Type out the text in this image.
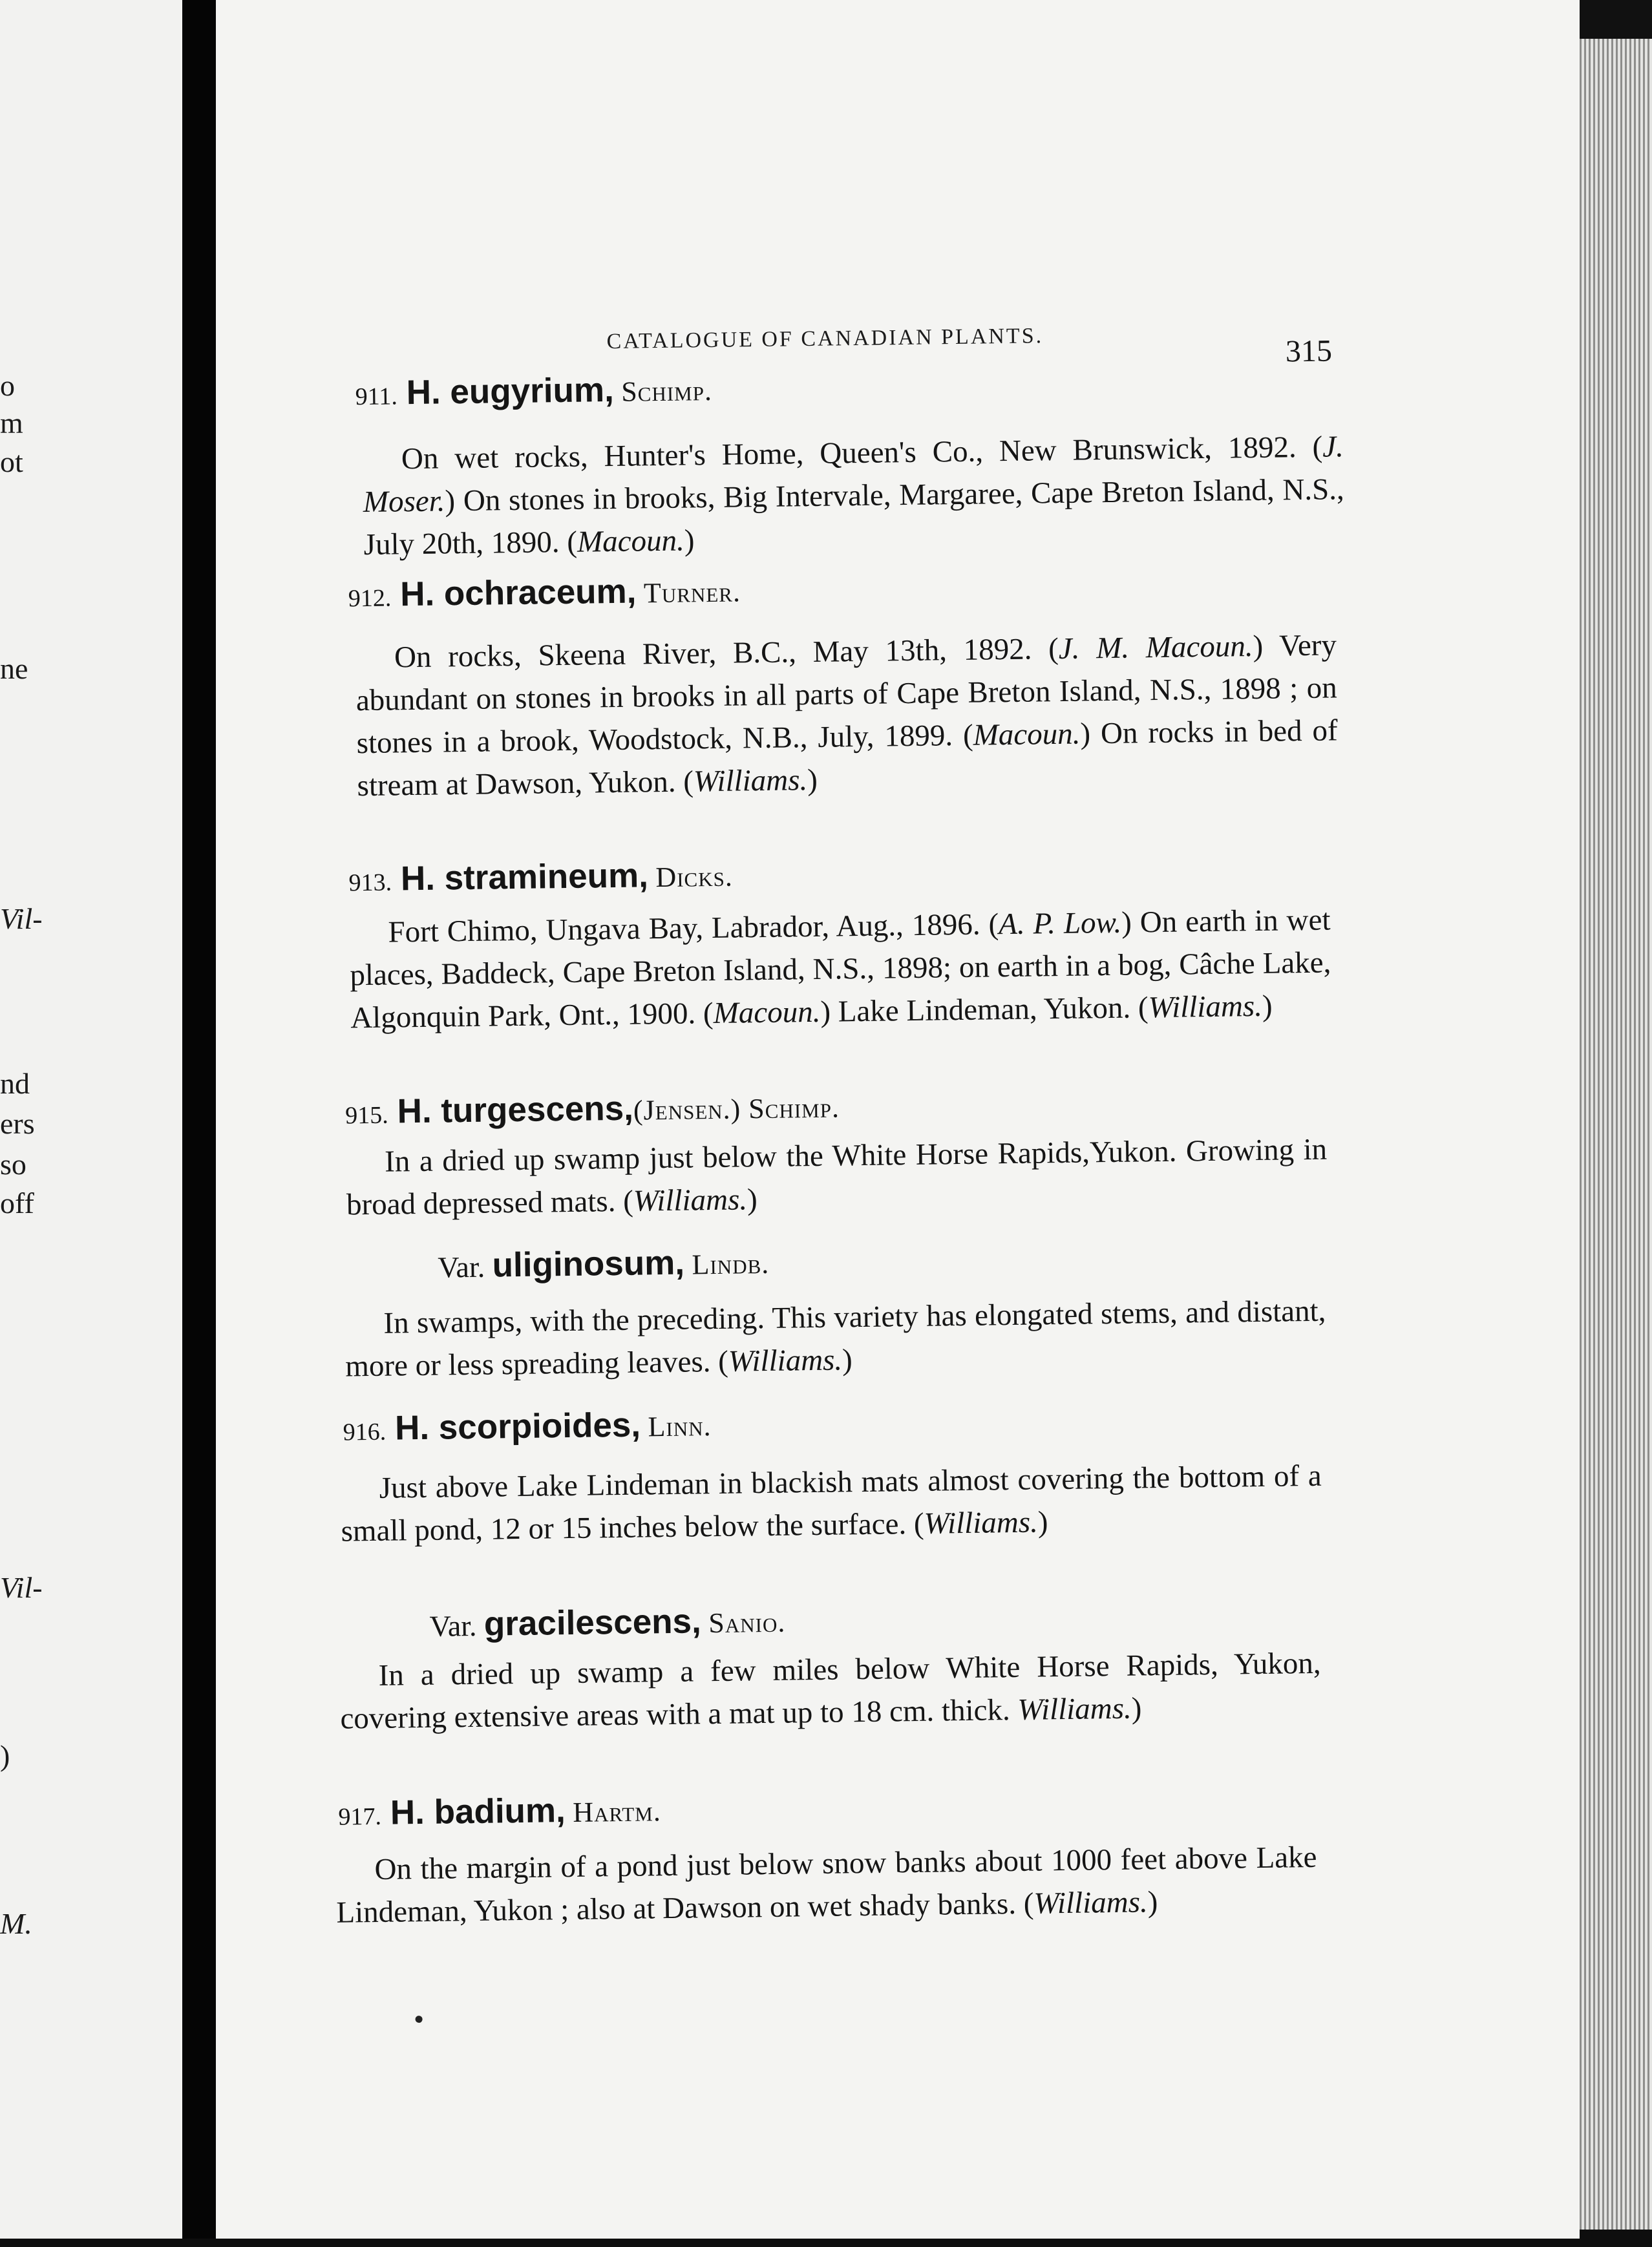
o
m
ot
ne
Vil-
nd
ers
so
off
Vil-
)
M.
CATALOGUE OF CANADIAN PLANTS.	315
911. H. eugyrium, Schimp.

On wet rocks, Hunter's Home, Queen's Co., New Brunswick, 1892. (J. Moser.) On stones in brooks, Big Intervale, Margaree, Cape Breton Island, N.S., July 20th, 1890. (Macoun.)

912. H. ochraceum, Turner.

On rocks, Skeena River, B.C., May 13th, 1892. (J. M. Macoun.) Very abundant on stones in brooks in all parts of Cape Breton Island, N.S., 1898 ; on stones in a brook, Woodstock, N.B., July, 1899. (Macoun.) On rocks in bed of stream at Dawson, Yukon. (Williams.)

913. H. stramineum, Dicks.

Fort Chimo, Ungava Bay, Labrador, Aug., 1896. (A. P. Low.) On earth in wet places, Baddeck, Cape Breton Island, N.S., 1898; on earth in a bog, Câche Lake, Algonquin Park, Ont., 1900. (Macoun.) Lake Lindeman, Yukon. (Williams.)

915. H. turgescens,(Jensen.) Schimp.

In a dried up swamp just below the White Horse Rapids,Yukon. Growing in broad depressed mats. (Williams.)

Var. uliginosum, Lindb.

In swamps, with the preceding. This variety has elongated stems, and distant, more or less spreading leaves. (Williams.)

916. H. scorpioides, Linn.

Just above Lake Lindeman in blackish mats almost covering the bottom of a small pond, 12 or 15 inches below the surface. (Williams.)

Var. gracilescens, Sanio.

In a dried up swamp a few miles below White Horse Rapids, Yukon, covering extensive areas with a mat up to 18 cm. thick. Williams.)

917. H. badium, Hartm.

On the margin of a pond just below snow banks about 1000 feet above Lake Lindeman, Yukon ; also at Dawson on wet shady banks. (Williams.)
